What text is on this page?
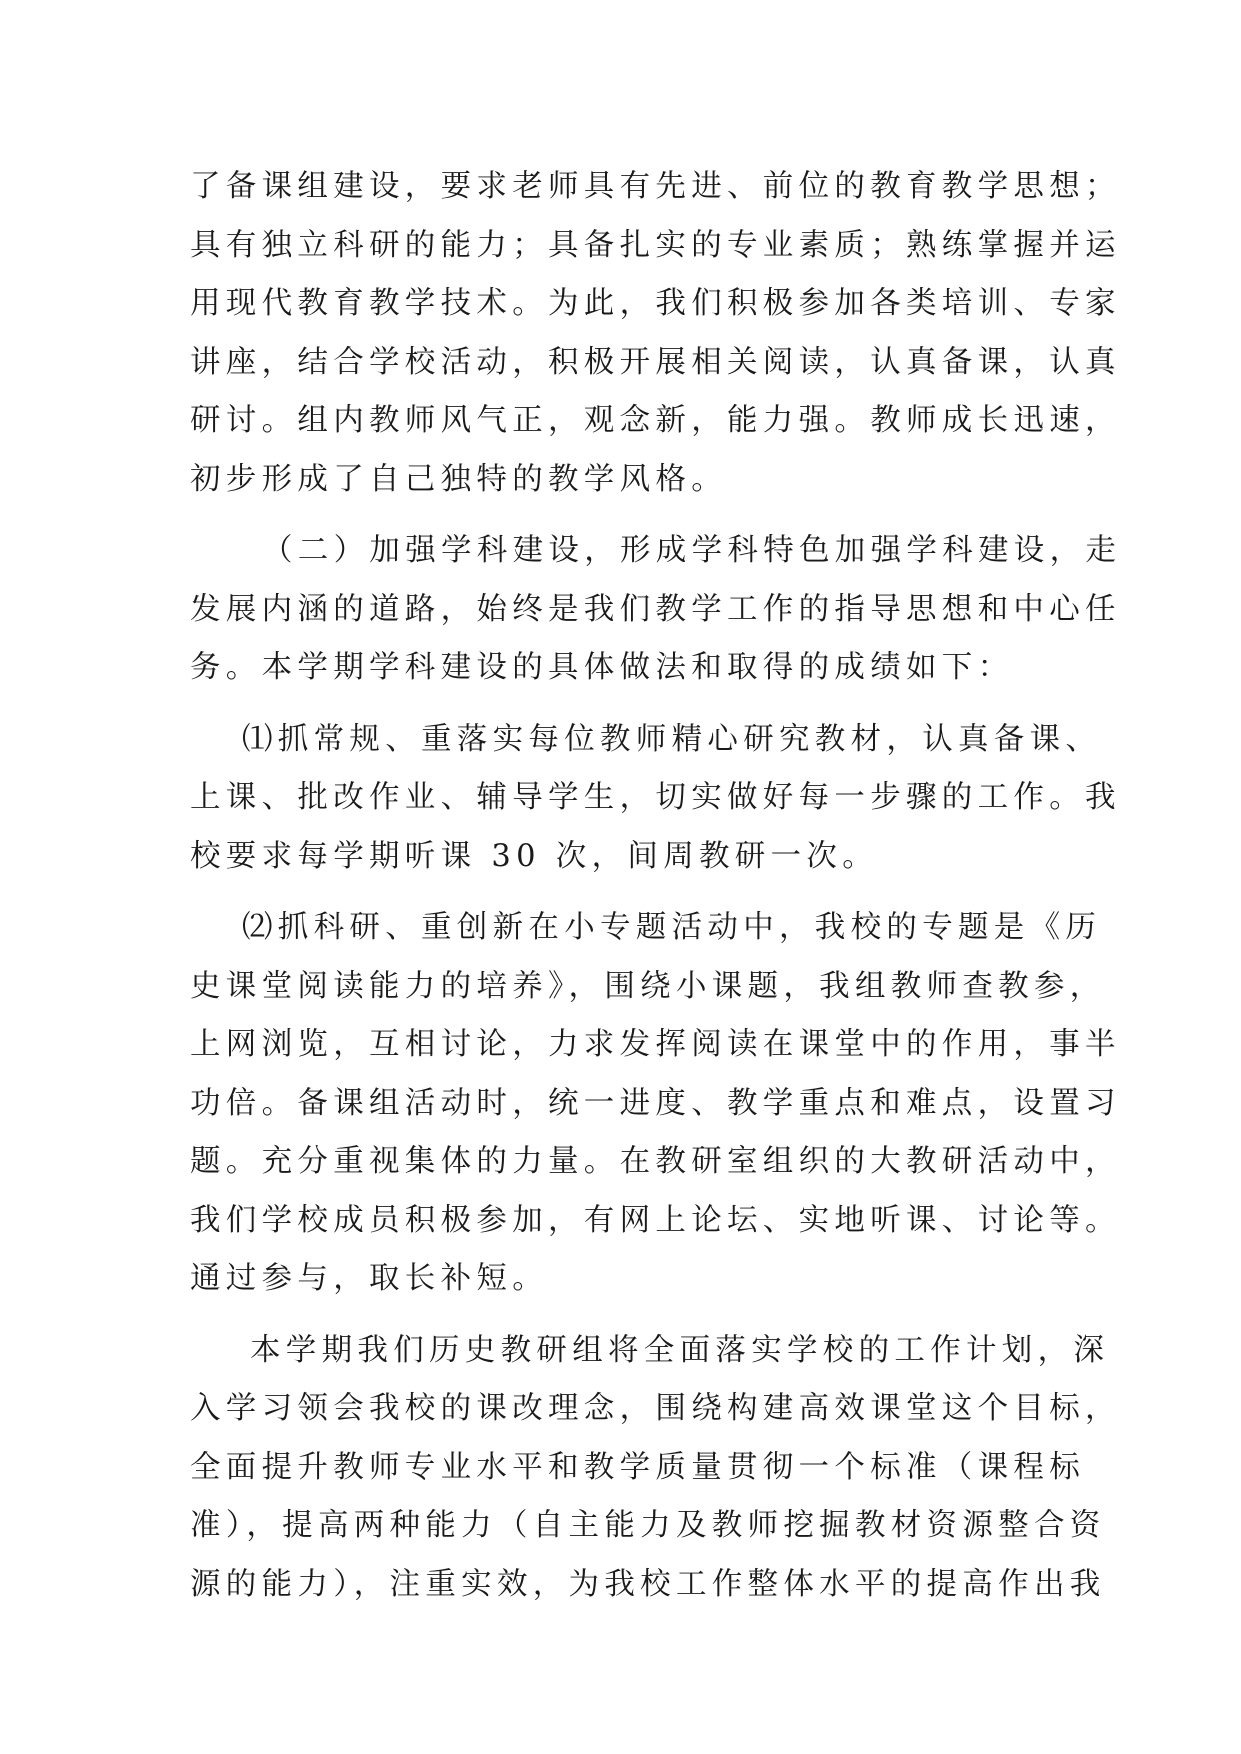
了备课组建设，要求老师具有先进、前位的教育教学思想；
具有独立科研的能力；具备扎实的专业素质；熟练掌握并运
用现代教育教学技术。为此，我们积极参加各类培训、专家
讲座，结合学校活动，积极开展相关阅读，认真备课，认真
研讨。组内教师风气正，观念新，能力强。教师成长迅速，
初步形成了自己独特的教学风格。
（二）加强学科建设，形成学科特色加强学科建设，走
发展内涵的道路，始终是我们教学工作的指导思想和中心任
务。本学期学科建设的具体做法和取得的成绩如下：
⑴抓常规、重落实每位教师精心研究教材，认真备课、
上课、批改作业、辅导学生，切实做好每一步骤的工作。我
校要求每学期听课 30 次，间周教研一次。
⑵抓科研、重创新在小专题活动中，我校的专题是《历
史课堂阅读能力的培养》，围绕小课题，我组教师查教参，
上网浏览，互相讨论，力求发挥阅读在课堂中的作用，事半
功倍。备课组活动时，统一进度、教学重点和难点，设置习
题。充分重视集体的力量。在教研室组织的大教研活动中，
我们学校成员积极参加，有网上论坛、实地听课、讨论等。
通过参与，取长补短。
本学期我们历史教研组将全面落实学校的工作计划，深
入学习领会我校的课改理念，围绕构建高效课堂这个目标，
全面提升教师专业水平和教学质量贯彻一个标准（课程标
准），提高两种能力（自主能力及教师挖掘教材资源整合资
源的能力），注重实效，为我校工作整体水平的提高作出我
